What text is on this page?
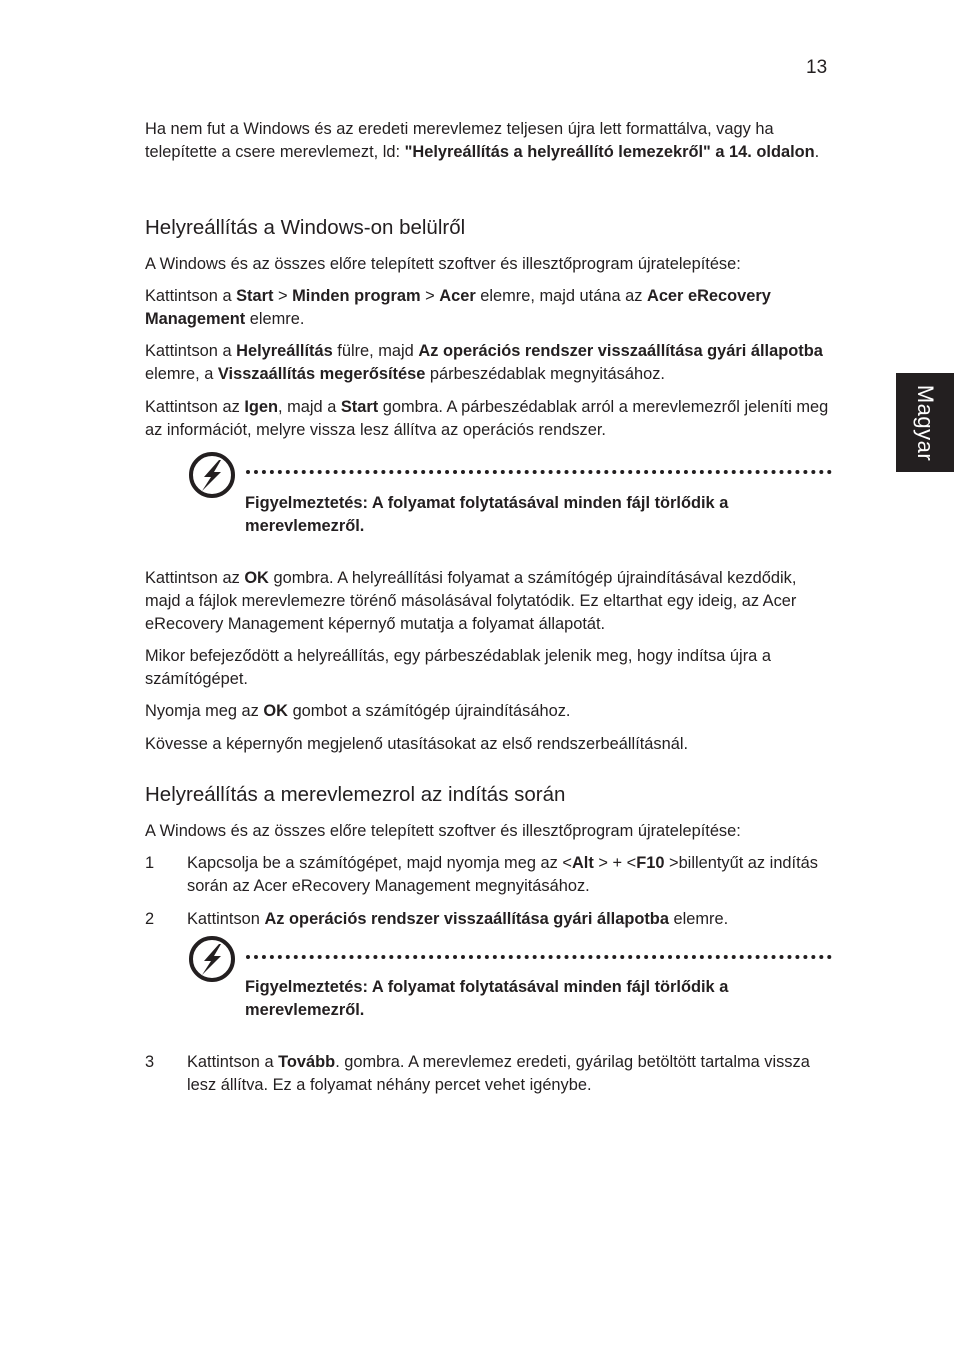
13
Magyar

Ha nem fut a Windows és az eredeti merevlemez teljesen újra lett formattálva, vagy ha telepítette a csere merevlemezt, ld: "Helyreállítás a helyreállító lemezekről" a 14. oldalon.

Helyreállítás a Windows-on belülről

A Windows és az összes előre telepített szoftver és illesztőprogram újratelepítése:

Kattintson a Start > Minden program > Acer elemre, majd utána az Acer eRecovery Management elemre.

Kattintson a Helyreállítás fülre, majd Az operációs rendszer visszaállítása gyári állapotba elemre, a Visszaállítás megerősítése párbeszédablak megnyitásához.

Kattintson az Igen, majd a Start gombra. A párbeszédablak arról a merevlemezről jeleníti meg az információt, melyre vissza lesz állítva az operációs rendszer.

Figyelmeztetés: A folyamat folytatásával minden fájl törlődik a merevlemezről.

Kattintson az OK gombra. A helyreállítási folyamat a számítógép újraindításával kezdődik, majd a fájlok merevlemezre törénő másolásával folytatódik. Ez eltarthat egy ideig, az Acer eRecovery Management képernyő mutatja a folyamat állapotát.

Mikor befejeződött a helyreállítás, egy párbeszédablak jelenik meg, hogy indítsa újra a számítógépet.

Nyomja meg az OK gombot a számítógép újraindításához.

Kövesse a képernyőn megjelenő utasításokat az első rendszerbeállításnál.

Helyreállítás a merevlemezrol az indítás során

A Windows és az összes előre telepített szoftver és illesztőprogram újratelepítése:

1 Kapcsolja be a számítógépet, majd nyomja meg az <Alt > + <F10 >billentyűt az indítás során az Acer eRecovery Management megnyitásához.

2 Kattintson Az operációs rendszer visszaállítása gyári állapotba elemre.

Figyelmeztetés: A folyamat folytatásával minden fájl törlődik a merevlemezről.

3 Kattintson a Tovább. gombra. A merevlemez eredeti, gyárilag betöltött tartalma vissza lesz állítva. Ez a folyamat néhány percet vehet igénybe.
